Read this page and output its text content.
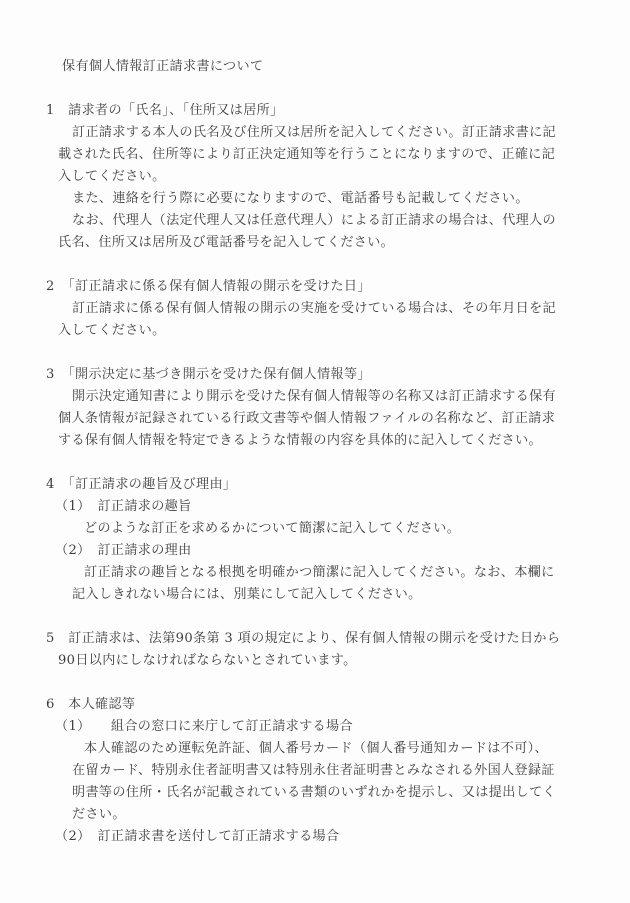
保有個人情報訂正請求書について
1　請求者の「氏名」、「住所又は居所」
訂正請求する本人の氏名及び住所又は居所を記入してください。訂正請求書に記
載された氏名、住所等により訂正決定通知等を行うことになりますので、正確に記
入してください。
また、連絡を行う際に必要になりますので、電話番号も記載してください。
なお、代理人（法定代理人又は任意代理人）による訂正請求の場合は、代理人の
氏名、住所又は居所及び電話番号を記入してください。
2　「訂正請求に係る保有個人情報の開示を受けた日」
訂正請求に係る保有個人情報の開示の実施を受けている場合は、その年月日を記
入してください。
3　「開示決定に基づき開示を受けた保有個人情報等」
開示決定通知書により開示を受けた保有個人情報等の名称又は訂正請求する保有
個人条情報が記録されている行政文書等や個人情報ファイルの名称など、訂正請求
する保有個人情報を特定できるような情報の内容を具体的に記入してください。
4　「訂正請求の趣旨及び理由」
（1）　訂正請求の趣旨
どのような訂正を求めるかについて簡潔に記入してください。
（2）　訂正請求の理由
訂正請求の趣旨となる根拠を明確かつ簡潔に記入してください。なお、本欄に
記入しきれない場合には、別葉にして記入してください。
5　訂正請求は、法第90条第 3 項の規定により、保有個人情報の開示を受けた日から
90日以内にしなければならないとされています。
6　本人確認等
（1）　　組合の窓口に来庁して訂正請求する場合
本人確認のため運転免許証、個人番号カード（個人番号通知カードは不可）、
在留カード、特別永住者証明書又は特別永住者証明書とみなされる外国人登録証
明書等の住所・氏名が記載されている書類のいずれかを提示し、又は提出してく
ださい。
（2）　訂正請求書を送付して訂正請求する場合
